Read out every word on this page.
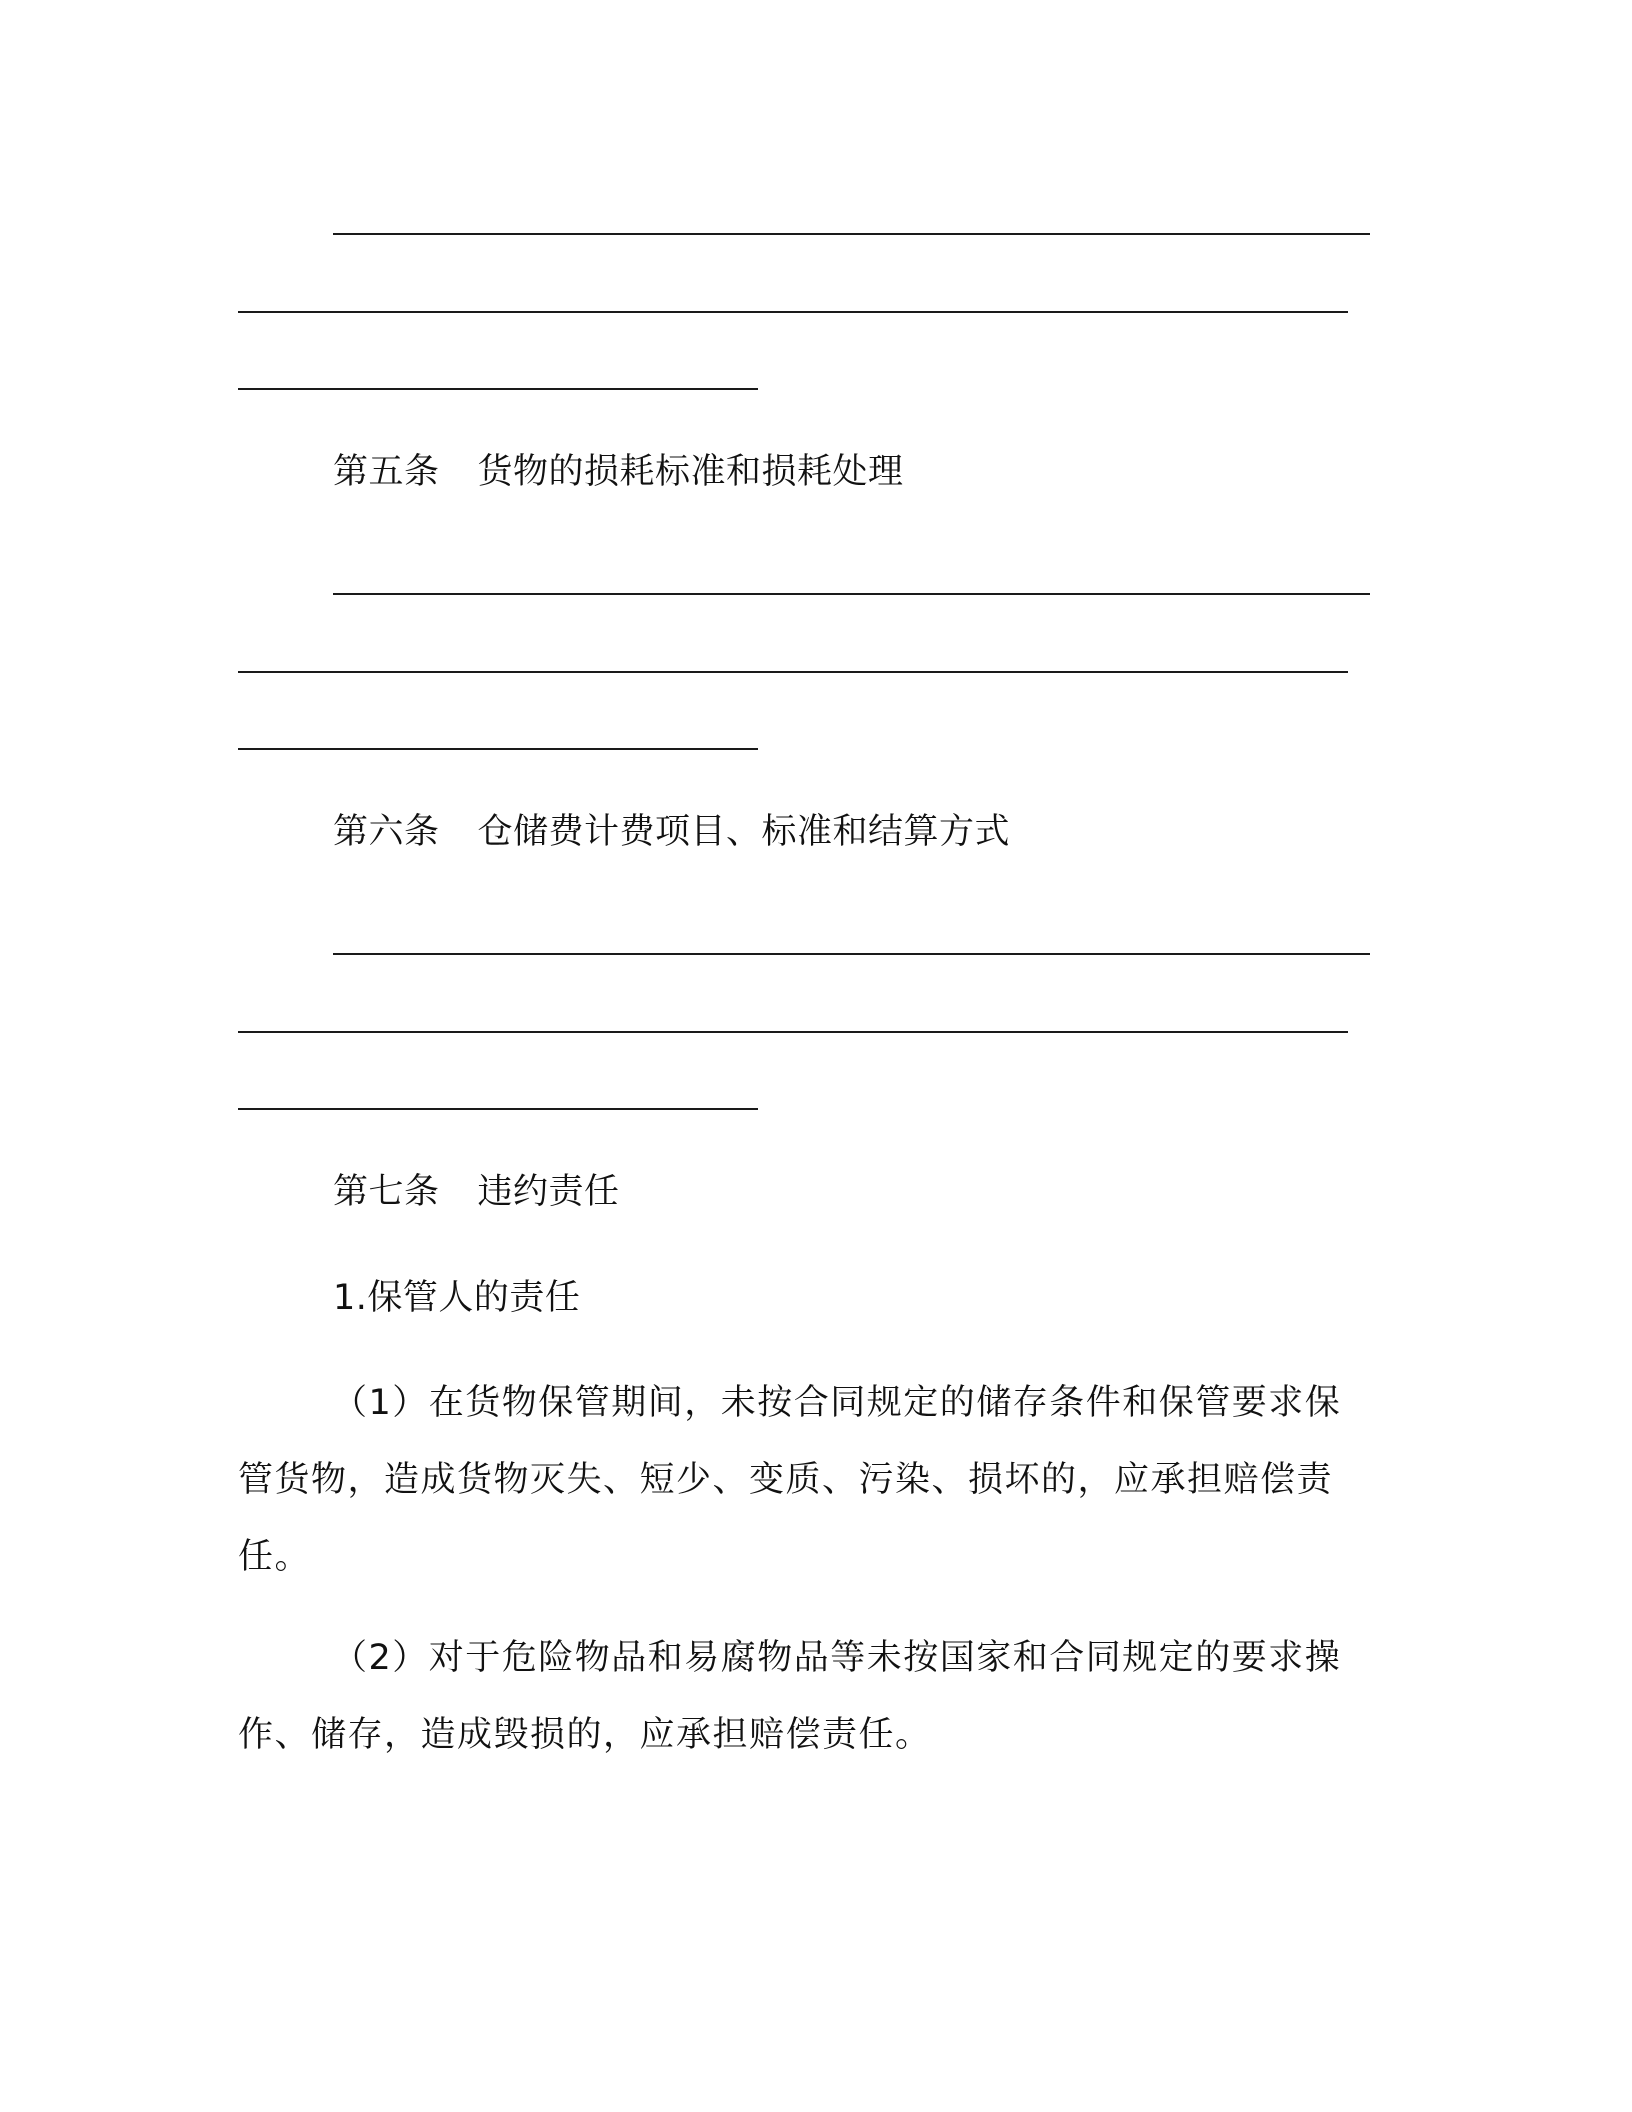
第五条 货物的损耗标准和损耗处理
第六条 仓储费计费项目、标准和结算方式
第七条 违约责任
1.保管人的责任

（1）在货物保管期间，未按合同规定的储存条件和保管要求保管货物，造成货物灭失、短少、变质、污染、损坏的，应承担赔偿责任。

（2）对于危险物品和易腐物品等未按国家和合同规定的要求操作、储存，造成毁损的，应承担赔偿责任。
